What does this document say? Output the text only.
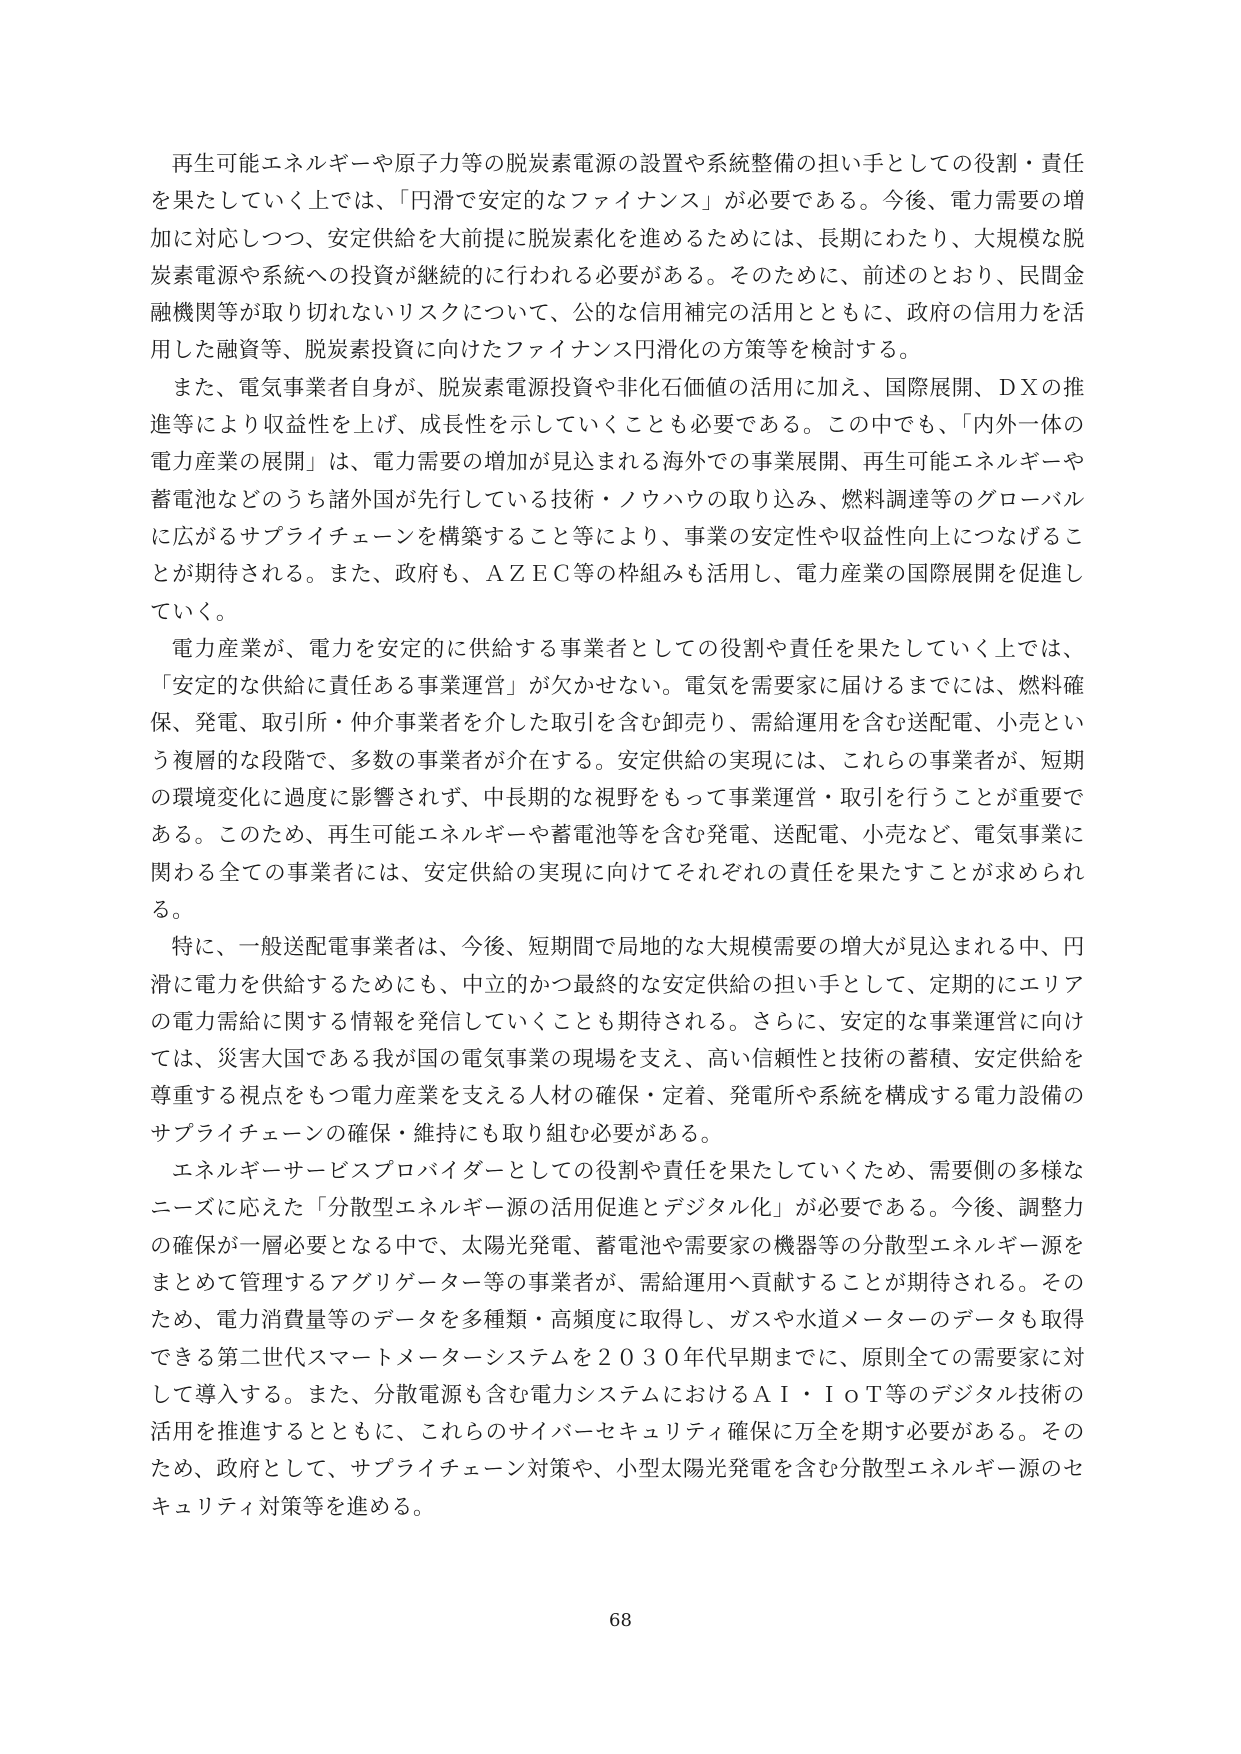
再生可能エネルギーや原子力等の脱炭素電源の設置や系統整備の担い手としての役割・責任を果たしていく上では、「円滑で安定的なファイナンス」が必要である。今後、電力需要の増加に対応しつつ、安定供給を大前提に脱炭素化を進めるためには、長期にわたり、大規模な脱炭素電源や系統への投資が継続的に行われる必要がある。そのために、前述のとおり、民間金融機関等が取り切れないリスクについて、公的な信用補完の活用とともに、政府の信用力を活用した融資等、脱炭素投資に向けたファイナンス円滑化の方策等を検討する。

また、電気事業者自身が、脱炭素電源投資や非化石価値の活用に加え、国際展開、ＤＸの推進等により収益性を上げ、成長性を示していくことも必要である。この中でも、「内外一体の電力産業の展開」は、電力需要の増加が見込まれる海外での事業展開、再生可能エネルギーや蓄電池などのうち諸外国が先行している技術・ノウハウの取り込み、燃料調達等のグローバルに広がるサプライチェーンを構築すること等により、事業の安定性や収益性向上につなげることが期待される。また、政府も、ＡＺＥＣ等の枠組みも活用し、電力産業の国際展開を促進していく。

電力産業が、電力を安定的に供給する事業者としての役割や責任を果たしていく上では、「安定的な供給に責任ある事業運営」が欠かせない。電気を需要家に届けるまでには、燃料確保、発電、取引所・仲介事業者を介した取引を含む卸売り、需給運用を含む送配電、小売という複層的な段階で、多数の事業者が介在する。安定供給の実現には、これらの事業者が、短期の環境変化に過度に影響されず、中長期的な視野をもって事業運営・取引を行うことが重要である。このため、再生可能エネルギーや蓄電池等を含む発電、送配電、小売など、電気事業に関わる全ての事業者には、安定供給の実現に向けてそれぞれの責任を果たすことが求められる。

特に、一般送配電事業者は、今後、短期間で局地的な大規模需要の増大が見込まれる中、円滑に電力を供給するためにも、中立的かつ最終的な安定供給の担い手として、定期的にエリアの電力需給に関する情報を発信していくことも期待される。さらに、安定的な事業運営に向けては、災害大国である我が国の電気事業の現場を支え、高い信頼性と技術の蓄積、安定供給を尊重する視点をもつ電力産業を支える人材の確保・定着、発電所や系統を構成する電力設備のサプライチェーンの確保・維持にも取り組む必要がある。

エネルギーサービスプロバイダーとしての役割や責任を果たしていくため、需要側の多様なニーズに応えた「分散型エネルギー源の活用促進とデジタル化」が必要である。今後、調整力の確保が一層必要となる中で、太陽光発電、蓄電池や需要家の機器等の分散型エネルギー源をまとめて管理するアグリゲーター等の事業者が、需給運用へ貢献することが期待される。そのため、電力消費量等のデータを多種類・高頻度に取得し、ガスや水道メーターのデータも取得できる第二世代スマートメーターシステムを２０３０年代早期までに、原則全ての需要家に対して導入する。また、分散電源も含む電力システムにおけるＡＩ・ＩｏＴ等のデジタル技術の活用を推進するとともに、これらのサイバーセキュリティ確保に万全を期す必要がある。そのため、政府として、サプライチェーン対策や、小型太陽光発電を含む分散型エネルギー源のセキュリティ対策等を進める。

68
